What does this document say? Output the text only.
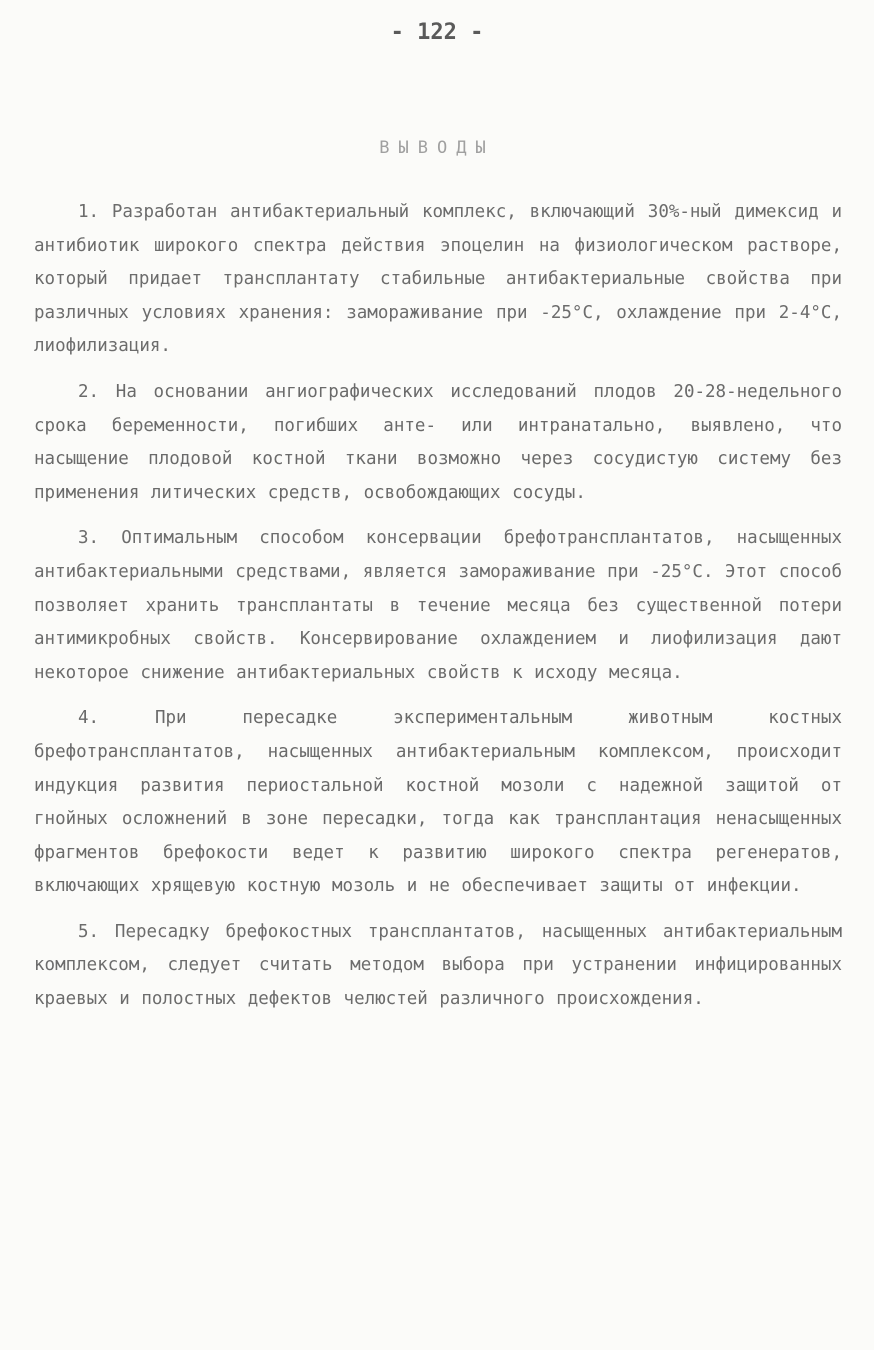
- 122 -
ВЫВОДЫ

1. Разработан антибактериальный комплекс, включающий 30%-ный димексид и антибиотик широкого спектра действия эпоцелин на физиологическом растворе, который придает трансплантату стабильные антибактериальные свойства при различных условиях хранения: замораживание при -25°С, охлаждение при 2-4°С, лиофилизация.

2. На основании ангиографических исследований плодов 20-28-недельного срока беременности, погибших анте- или интранатально, выявлено, что насыщение плодовой костной ткани возможно через сосудистую систему без применения литических средств, освобождающих сосуды.

3. Оптимальным способом консервации брефотрансплантатов, насыщенных антибактериальными средствами, является замораживание при -25°С. Этот способ позволяет хранить трансплантаты в течение месяца без существенной потери антимикробных свойств. Консервирование охлаждением и лиофилизация дают некоторое снижение антибактериальных свойств к исходу месяца.

4. При пересадке экспериментальным животным костных брефотрансплантатов, насыщенных антибактериальным комплексом, происходит индукция развития периостальной костной мозоли с надежной защитой от гнойных осложнений в зоне пересадки, тогда как трансплантация ненасыщенных фрагментов брефокости ведет к развитию широкого спектра регенератов, включающих хрящевую костную мозоль и не обеспечивает защиты от инфекции.

5. Пересадку брефокостных трансплантатов, насыщенных антибактериальным комплексом, следует считать методом выбора при устранении инфицированных краевых и полостных дефектов челюстей различного происхождения.
